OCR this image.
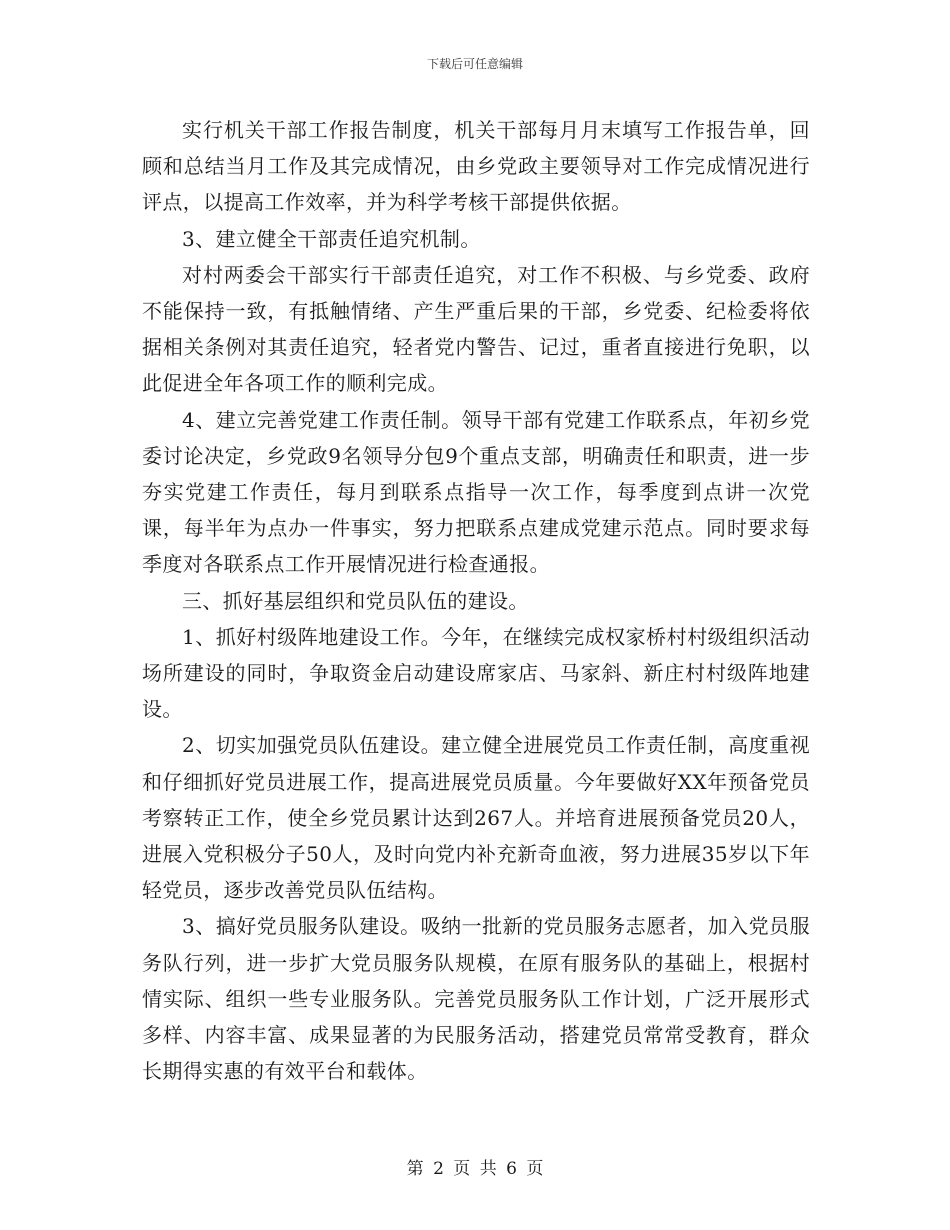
下载后可任意编辑

实行机关干部工作报告制度，机关干部每月月末填写工作报告单，回顾和总结当月工作及其完成情况，由乡党政主要领导对工作完成情况进行评点，以提高工作效率，并为科学考核干部提供依据。

3、建立健全干部责任追究机制。

对村两委会干部实行干部责任追究，对工作不积极、与乡党委、政府不能保持一致，有抵触情绪、产生严重后果的干部，乡党委、纪检委将依据相关条例对其责任追究，轻者党内警告、记过，重者直接进行免职，以此促进全年各项工作的顺利完成。

4、建立完善党建工作责任制。领导干部有党建工作联系点，年初乡党委讨论决定，乡党政9名领导分包9个重点支部，明确责任和职责，进一步夯实党建工作责任，每月到联系点指导一次工作，每季度到点讲一次党课，每半年为点办一件事实，努力把联系点建成党建示范点。同时要求每季度对各联系点工作开展情况进行检查通报。

三、抓好基层组织和党员队伍的建设。

1、抓好村级阵地建设工作。今年，在继续完成权家桥村村级组织活动场所建设的同时，争取资金启动建设席家店、马家斜、新庄村村级阵地建设。

2、切实加强党员队伍建设。建立健全进展党员工作责任制，高度重视和仔细抓好党员进展工作，提高进展党员质量。今年要做好XX年预备党员考察转正工作，使全乡党员累计达到267人。并培育进展预备党员20人，进展入党积极分子50人，及时向党内补充新奇血液，努力进展35岁以下年轻党员，逐步改善党员队伍结构。

3、搞好党员服务队建设。吸纳一批新的党员服务志愿者，加入党员服务队行列，进一步扩大党员服务队规模，在原有服务队的基础上，根据村情实际、组织一些专业服务队。完善党员服务队工作计划，广泛开展形式多样、内容丰富、成果显著的为民服务活动，搭建党员常常受教育，群众长期得实惠的有效平台和载体。

第 2 页 共 6 页
